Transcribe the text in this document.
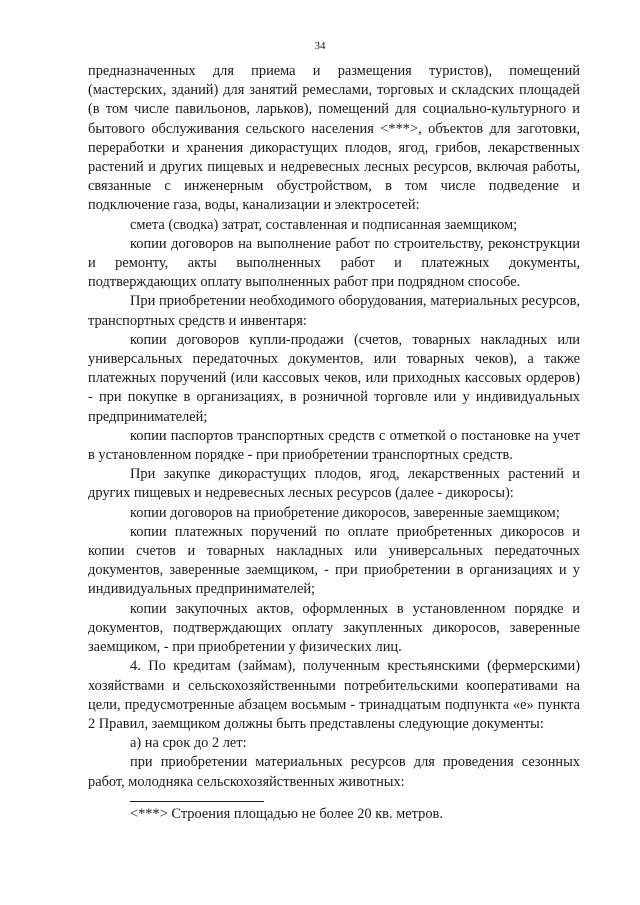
34

предназначенных для приема и размещения туристов), помещений (мастерских, зданий) для занятий ремеслами, торговых и складских площадей (в том числе павильонов, ларьков), помещений для социально-культурного и бытового обслуживания сельского населения <***>, объектов для заготовки, переработки и хранения дикорастущих плодов, ягод, грибов, лекарственных растений и других пищевых и недревесных лесных ресурсов, включая работы, связанные с инженерным обустройством, в том числе подведение и подключение газа, воды, канализации и электросетей:

смета (сводка) затрат, составленная и подписанная заемщиком;

копии договоров на выполнение работ по строительству, реконструкции и ремонту, акты выполненных работ и платежных документы, подтверждающих оплату выполненных работ при подрядном способе.

При приобретении необходимого оборудования, материальных ресурсов, транспортных средств и инвентаря:

копии договоров купли-продажи (счетов, товарных накладных или универсальных передаточных документов, или товарных чеков), а также платежных поручений (или кассовых чеков, или приходных кассовых ордеров) - при покупке в организациях, в розничной торговле или у индивидуальных предпринимателей;

копии паспортов транспортных средств с отметкой о постановке на учет в установленном порядке - при приобретении транспортных средств.

При закупке дикорастущих плодов, ягод, лекарственных растений и других пищевых и недревесных лесных ресурсов (далее - дикоросы):

копии договоров на приобретение дикоросов, заверенные заемщиком;

копии платежных поручений по оплате приобретенных дикоросов и копии счетов и товарных накладных или универсальных передаточных документов, заверенные заемщиком, - при приобретении в организациях и у индивидуальных предпринимателей;

копии закупочных актов, оформленных в установленном порядке и документов, подтверждающих оплату закупленных дикоросов, заверенные заемщиком, - при приобретении у физических лиц.

4. По кредитам (займам), полученным крестьянскими (фермерскими) хозяйствами и сельскохозяйственными потребительскими кооперативами на цели, предусмотренные абзацем восьмым - тринадцатым подпункта «е» пункта 2 Правил, заемщиком должны быть представлены следующие документы:

а) на срок до 2 лет:

при приобретении материальных ресурсов для проведения сезонных работ, молодняка сельскохозяйственных животных:

<***> Строения площадью не более 20 кв. метров.
